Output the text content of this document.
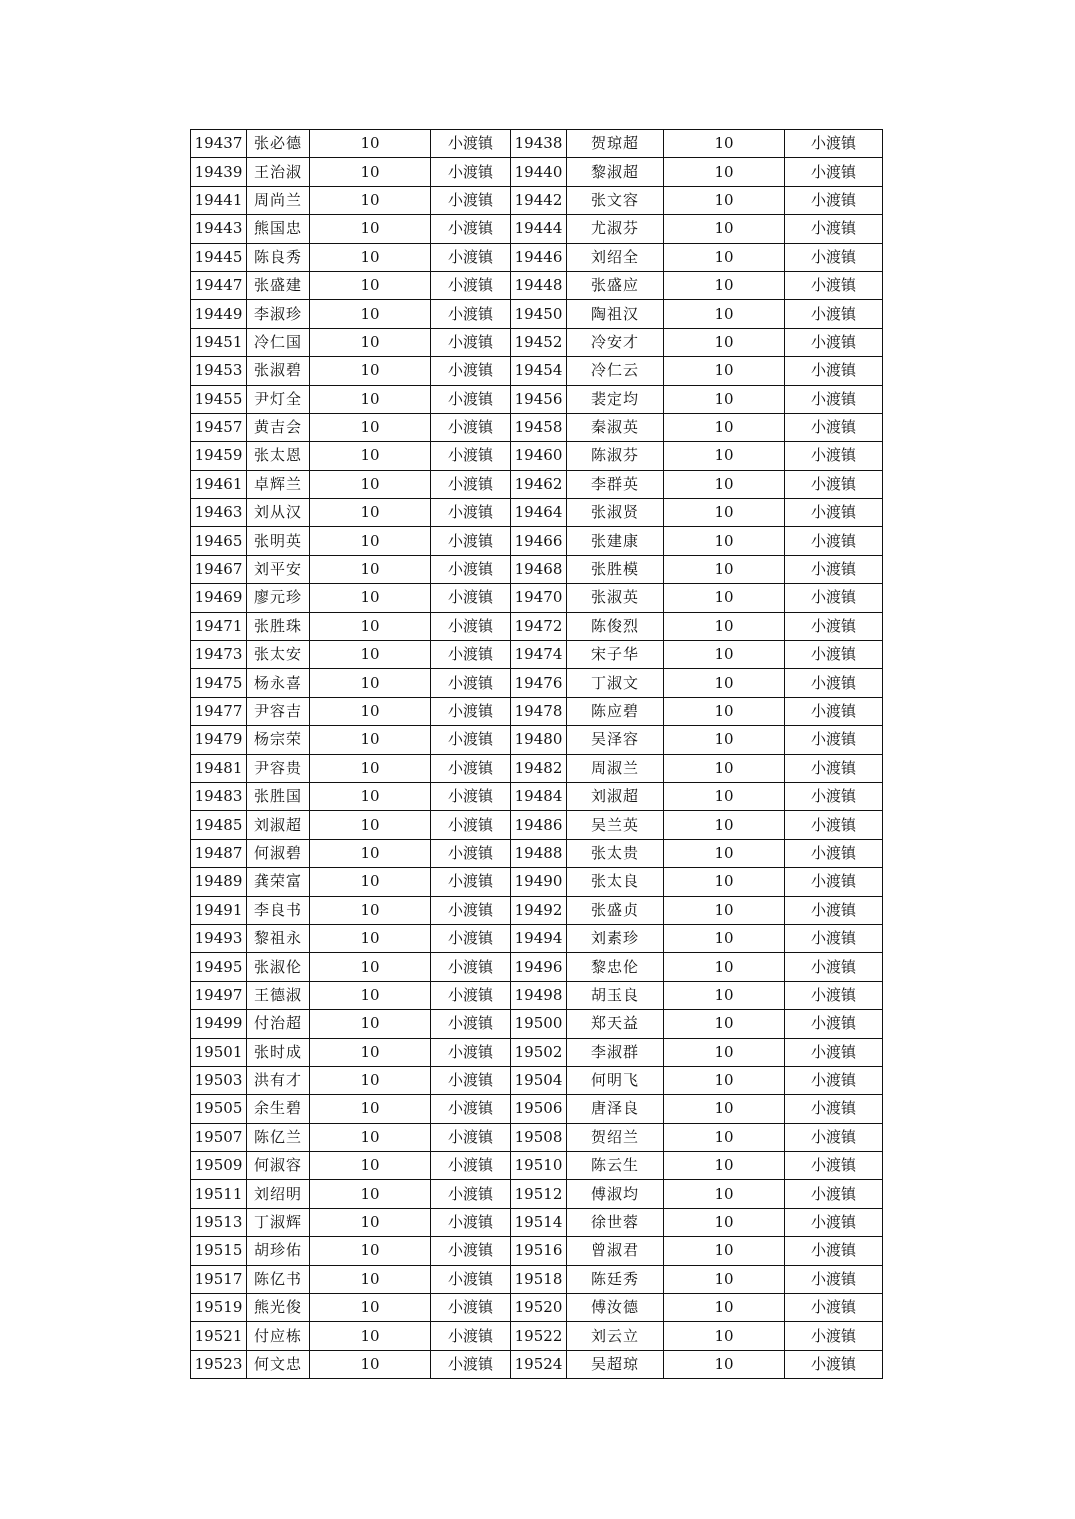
19437	张必德	10	小渡镇	19438	贺琼超	10	小渡镇
19439	王治淑	10	小渡镇	19440	黎淑超	10	小渡镇
19441	周尚兰	10	小渡镇	19442	张文容	10	小渡镇
19443	熊国忠	10	小渡镇	19444	尤淑芬	10	小渡镇
19445	陈良秀	10	小渡镇	19446	刘绍全	10	小渡镇
19447	张盛建	10	小渡镇	19448	张盛应	10	小渡镇
19449	李淑珍	10	小渡镇	19450	陶祖汉	10	小渡镇
19451	冷仁国	10	小渡镇	19452	冷安才	10	小渡镇
19453	张淑碧	10	小渡镇	19454	冷仁云	10	小渡镇
19455	尹灯全	10	小渡镇	19456	裴定均	10	小渡镇
19457	黄吉会	10	小渡镇	19458	秦淑英	10	小渡镇
19459	张太恩	10	小渡镇	19460	陈淑芬	10	小渡镇
19461	卓辉兰	10	小渡镇	19462	李群英	10	小渡镇
19463	刘从汉	10	小渡镇	19464	张淑贤	10	小渡镇
19465	张明英	10	小渡镇	19466	张建康	10	小渡镇
19467	刘平安	10	小渡镇	19468	张胜模	10	小渡镇
19469	廖元珍	10	小渡镇	19470	张淑英	10	小渡镇
19471	张胜珠	10	小渡镇	19472	陈俊烈	10	小渡镇
19473	张太安	10	小渡镇	19474	宋子华	10	小渡镇
19475	杨永喜	10	小渡镇	19476	丁淑文	10	小渡镇
19477	尹容吉	10	小渡镇	19478	陈应碧	10	小渡镇
19479	杨宗荣	10	小渡镇	19480	吴泽容	10	小渡镇
19481	尹容贵	10	小渡镇	19482	周淑兰	10	小渡镇
19483	张胜国	10	小渡镇	19484	刘淑超	10	小渡镇
19485	刘淑超	10	小渡镇	19486	吴兰英	10	小渡镇
19487	何淑碧	10	小渡镇	19488	张太贵	10	小渡镇
19489	龚荣富	10	小渡镇	19490	张太良	10	小渡镇
19491	李良书	10	小渡镇	19492	张盛贞	10	小渡镇
19493	黎祖永	10	小渡镇	19494	刘素珍	10	小渡镇
19495	张淑伦	10	小渡镇	19496	黎忠伦	10	小渡镇
19497	王德淑	10	小渡镇	19498	胡玉良	10	小渡镇
19499	付治超	10	小渡镇	19500	郑天益	10	小渡镇
19501	张时成	10	小渡镇	19502	李淑群	10	小渡镇
19503	洪有才	10	小渡镇	19504	何明飞	10	小渡镇
19505	余生碧	10	小渡镇	19506	唐泽良	10	小渡镇
19507	陈亿兰	10	小渡镇	19508	贺绍兰	10	小渡镇
19509	何淑容	10	小渡镇	19510	陈云生	10	小渡镇
19511	刘绍明	10	小渡镇	19512	傅淑均	10	小渡镇
19513	丁淑辉	10	小渡镇	19514	徐世蓉	10	小渡镇
19515	胡珍佑	10	小渡镇	19516	曾淑君	10	小渡镇
19517	陈亿书	10	小渡镇	19518	陈廷秀	10	小渡镇
19519	熊光俊	10	小渡镇	19520	傅汝德	10	小渡镇
19521	付应栋	10	小渡镇	19522	刘云立	10	小渡镇
19523	何文忠	10	小渡镇	19524	吴超琼	10	小渡镇
